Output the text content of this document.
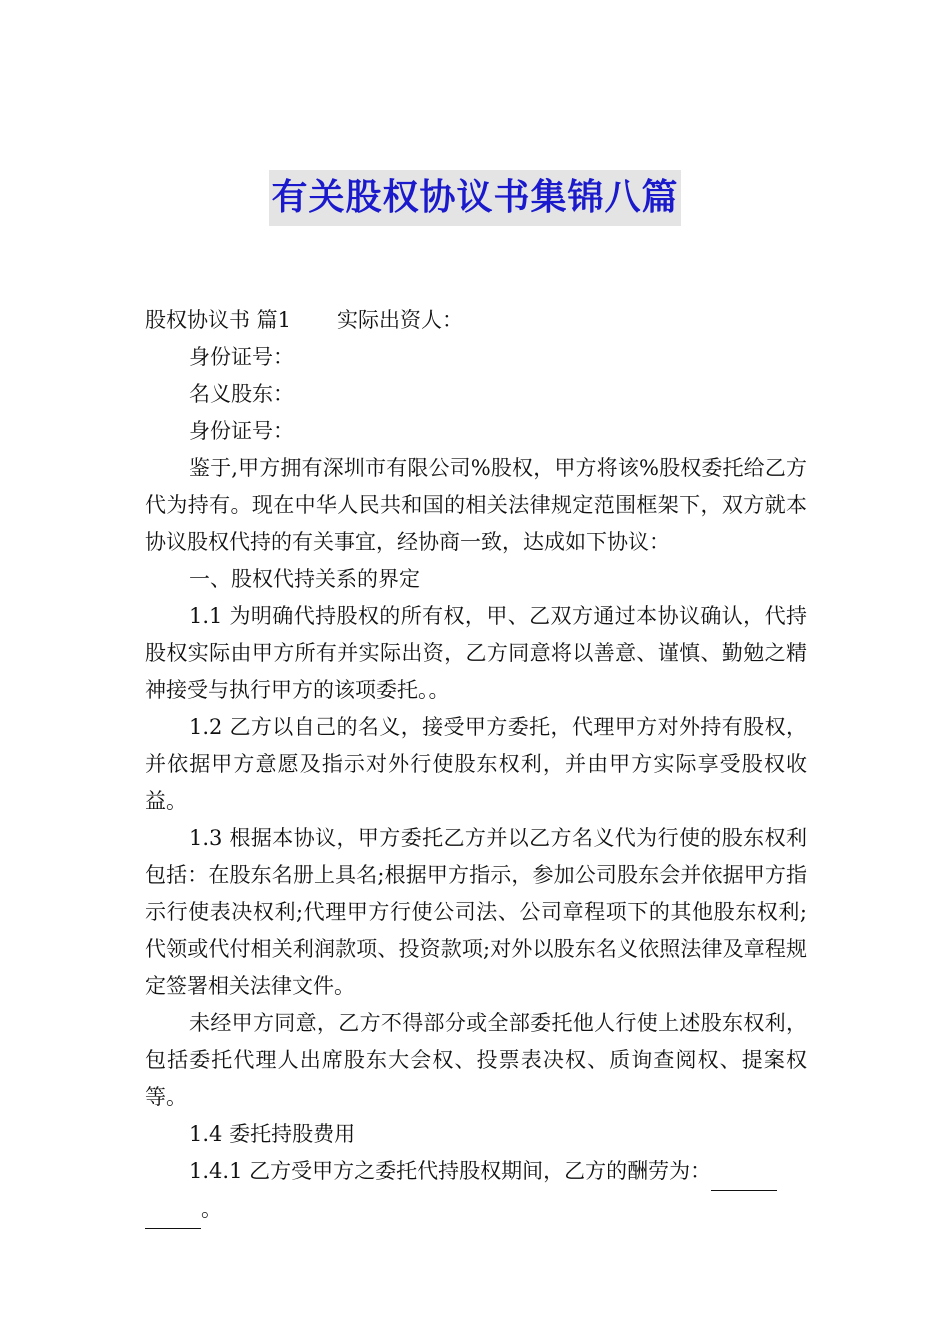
有关股权协议书集锦八篇

股权协议书 篇1 实际出资人：

身份证号：

名义股东：

身份证号：

鉴于,甲方拥有深圳市有限公司%股权，甲方将该%股权委托给乙方代为持有。现在中华人民共和国的相关法律规定范围框架下，双方就本协议股权代持的有关事宜，经协商一致，达成如下协议：

一、股权代持关系的界定

1.1 为明确代持股权的所有权，甲、乙双方通过本协议确认，代持股权实际由甲方所有并实际出资，乙方同意将以善意、谨慎、勤勉之精神接受与执行甲方的该项委托。。

1.2 乙方以自己的名义，接受甲方委托，代理甲方对外持有股权，并依据甲方意愿及指示对外行使股东权利，并由甲方实际享受股权收益。

1.3 根据本协议，甲方委托乙方并以乙方名义代为行使的股东权利包括：在股东名册上具名;根据甲方指示，参加公司股东会并依据甲方指示行使表决权利;代理甲方行使公司法、公司章程项下的其他股东权利;代领或代付相关利润款项、投资款项;对外以股东名义依照法律及章程规定签署相关法律文件。

未经甲方同意，乙方不得部分或全部委托他人行使上述股东权利，包括委托代理人出席股东大会权、投票表决权、质询查阅权、提案权等。

1.4 委托持股费用

1.4.1 乙方受甲方之委托代持股权期间，乙方的酬劳为：
。
